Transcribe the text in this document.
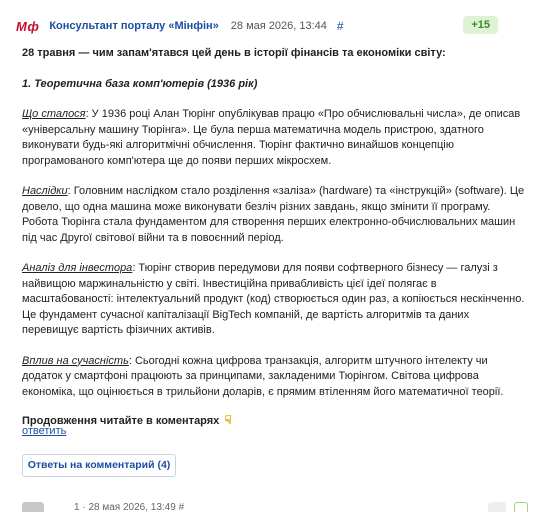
Мф Консультант порталу «Мінфін» 28 мая 2026, 13:44 #	+15

28 травня — чим запам'ятався цей день в історії фінансів та економіки світу:

1. Теоретична база комп'ютерів (1936 рік)

Що сталося: У 1936 році Алан Тюрінг опублікував працю «Про обчислювальні числа», де описав «універсальну машину Тюрінга». Це була перша математична модель пристрою, здатного виконувати будь-які алгоритмічні обчислення. Тюрінг фактично винайшов концепцію програмованого комп'ютера ще до появи перших мікросхем.

Наслідки: Головним наслідком стало розділення «заліза» (hardware) та «інструкцій» (software). Це довело, що одна машина може виконувати безліч різних завдань, якщо змінити її програму. Робота Тюрінга стала фундаментом для створення перших електронно-обчислювальних машин під час Другої світової війни та в повоєнний період.

Аналіз для інвестора: Тюрінг створив передумови для появи софтверного бізнесу — галузі з найвищою маржинальністю у світі. Інвестиційна привабливість цієї ідеї полягає в масштабованості: інтелектуальний продукт (код) створюється один раз, а копіюється нескінченно. Це фундамент сучасної капіталізації BigTech компаній, де вартість алгоритмів та даних перевищує вартість фізичних активів.

Вплив на сучасність: Сьогодні кожна цифрова транзакція, алгоритм штучного інтелекту чи додаток у смартфоні працюють за принципами, закладеними Тюрінгом. Світова цифрова економіка, що оцінюється в трильйони доларів, є прямим втіленням його математичної теорії.

Продовження читайте в коментарях ☟

ответить
Ответы на комментарий (4)
1 · 28 мая 2026, 13:49 #
